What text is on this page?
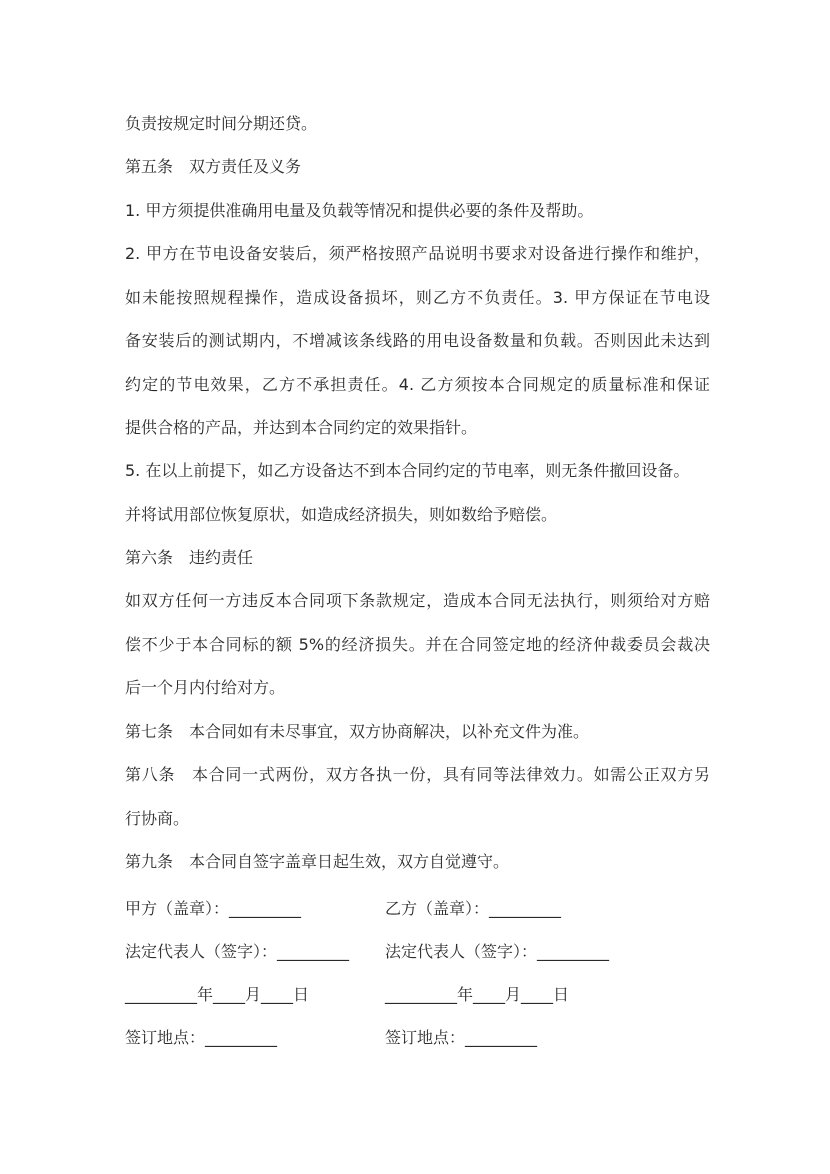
负责按规定时间分期还贷。
第五条　双方责任及义务
1. 甲方须提供准确用电量及负载等情况和提供必要的条件及帮助。
2. 甲方在节电设备安装后，须严格按照产品说明书要求对设备进行操作和维护，
如未能按照规程操作，造成设备损坏，则乙方不负责任。3. 甲方保证在节电设
备安装后的测试期内，不增减该条线路的用电设备数量和负载。否则因此未达到
约定的节电效果，乙方不承担责任。4. 乙方须按本合同规定的质量标准和保证
提供合格的产品，并达到本合同约定的效果指针。
5. 在以上前提下，如乙方设备达不到本合同约定的节电率，则无条件撤回设备。
并将试用部位恢复原状，如造成经济损失，则如数给予赔偿。
第六条　违约责任
如双方任何一方违反本合同项下条款规定，造成本合同无法执行，则须给对方赔
偿不少于本合同标的额 5%的经济损失。并在合同签定地的经济仲裁委员会裁决
后一个月内付给对方。
第七条　本合同如有未尽事宜，双方协商解决，以补充文件为准。
第八条　本合同一式两份，双方各执一份，具有同等法律效力。如需公正双方另
行协商。
第九条　本合同自签字盖章日起生效，双方自觉遵守。
甲方（盖章）：_________	乙方（盖章）：_________
法定代表人（签字）：_________ 法定代表人（签字）：_________
_________年____月____日	_________年____月____日
签订地点：_________	签订地点：_________
